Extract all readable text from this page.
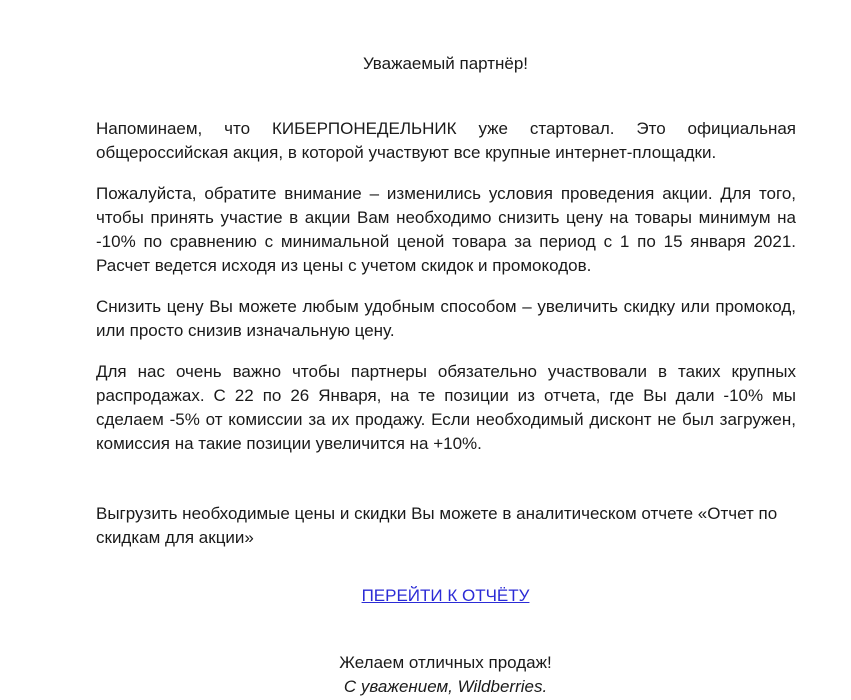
Уважаемый партнёр!

Напоминаем, что КИБЕРПОНЕДЕЛЬНИК уже стартовал. Это официальная общероссийская акция, в которой участвуют все крупные интернет-площадки.

Пожалуйста, обратите внимание – изменились условия проведения акции. Для того, чтобы принять участие в акции Вам необходимо снизить цену на товары минимум на -10% по сравнению с минимальной ценой товара за период с 1 по 15 января 2021. Расчет ведется исходя из цены с учетом скидок и промокодов.

Снизить цену Вы можете любым удобным способом – увеличить скидку или промокод, или просто снизив изначальную цену.

Для нас очень важно чтобы партнеры обязательно участвовали в таких крупных распродажах. С 22 по 26 Января, на те позиции из отчета, где Вы дали -10% мы сделаем -5% от комиссии за их продажу. Если необходимый дисконт не был загружен, комиссия на такие позиции увеличится на +10%.

Выгрузить необходимые цены и скидки Вы можете в аналитическом отчете «Отчет по скидкам для акции»

ПЕРЕЙТИ К ОТЧЁТУ
Желаем отличных продаж!
С уважением, Wildberries.
